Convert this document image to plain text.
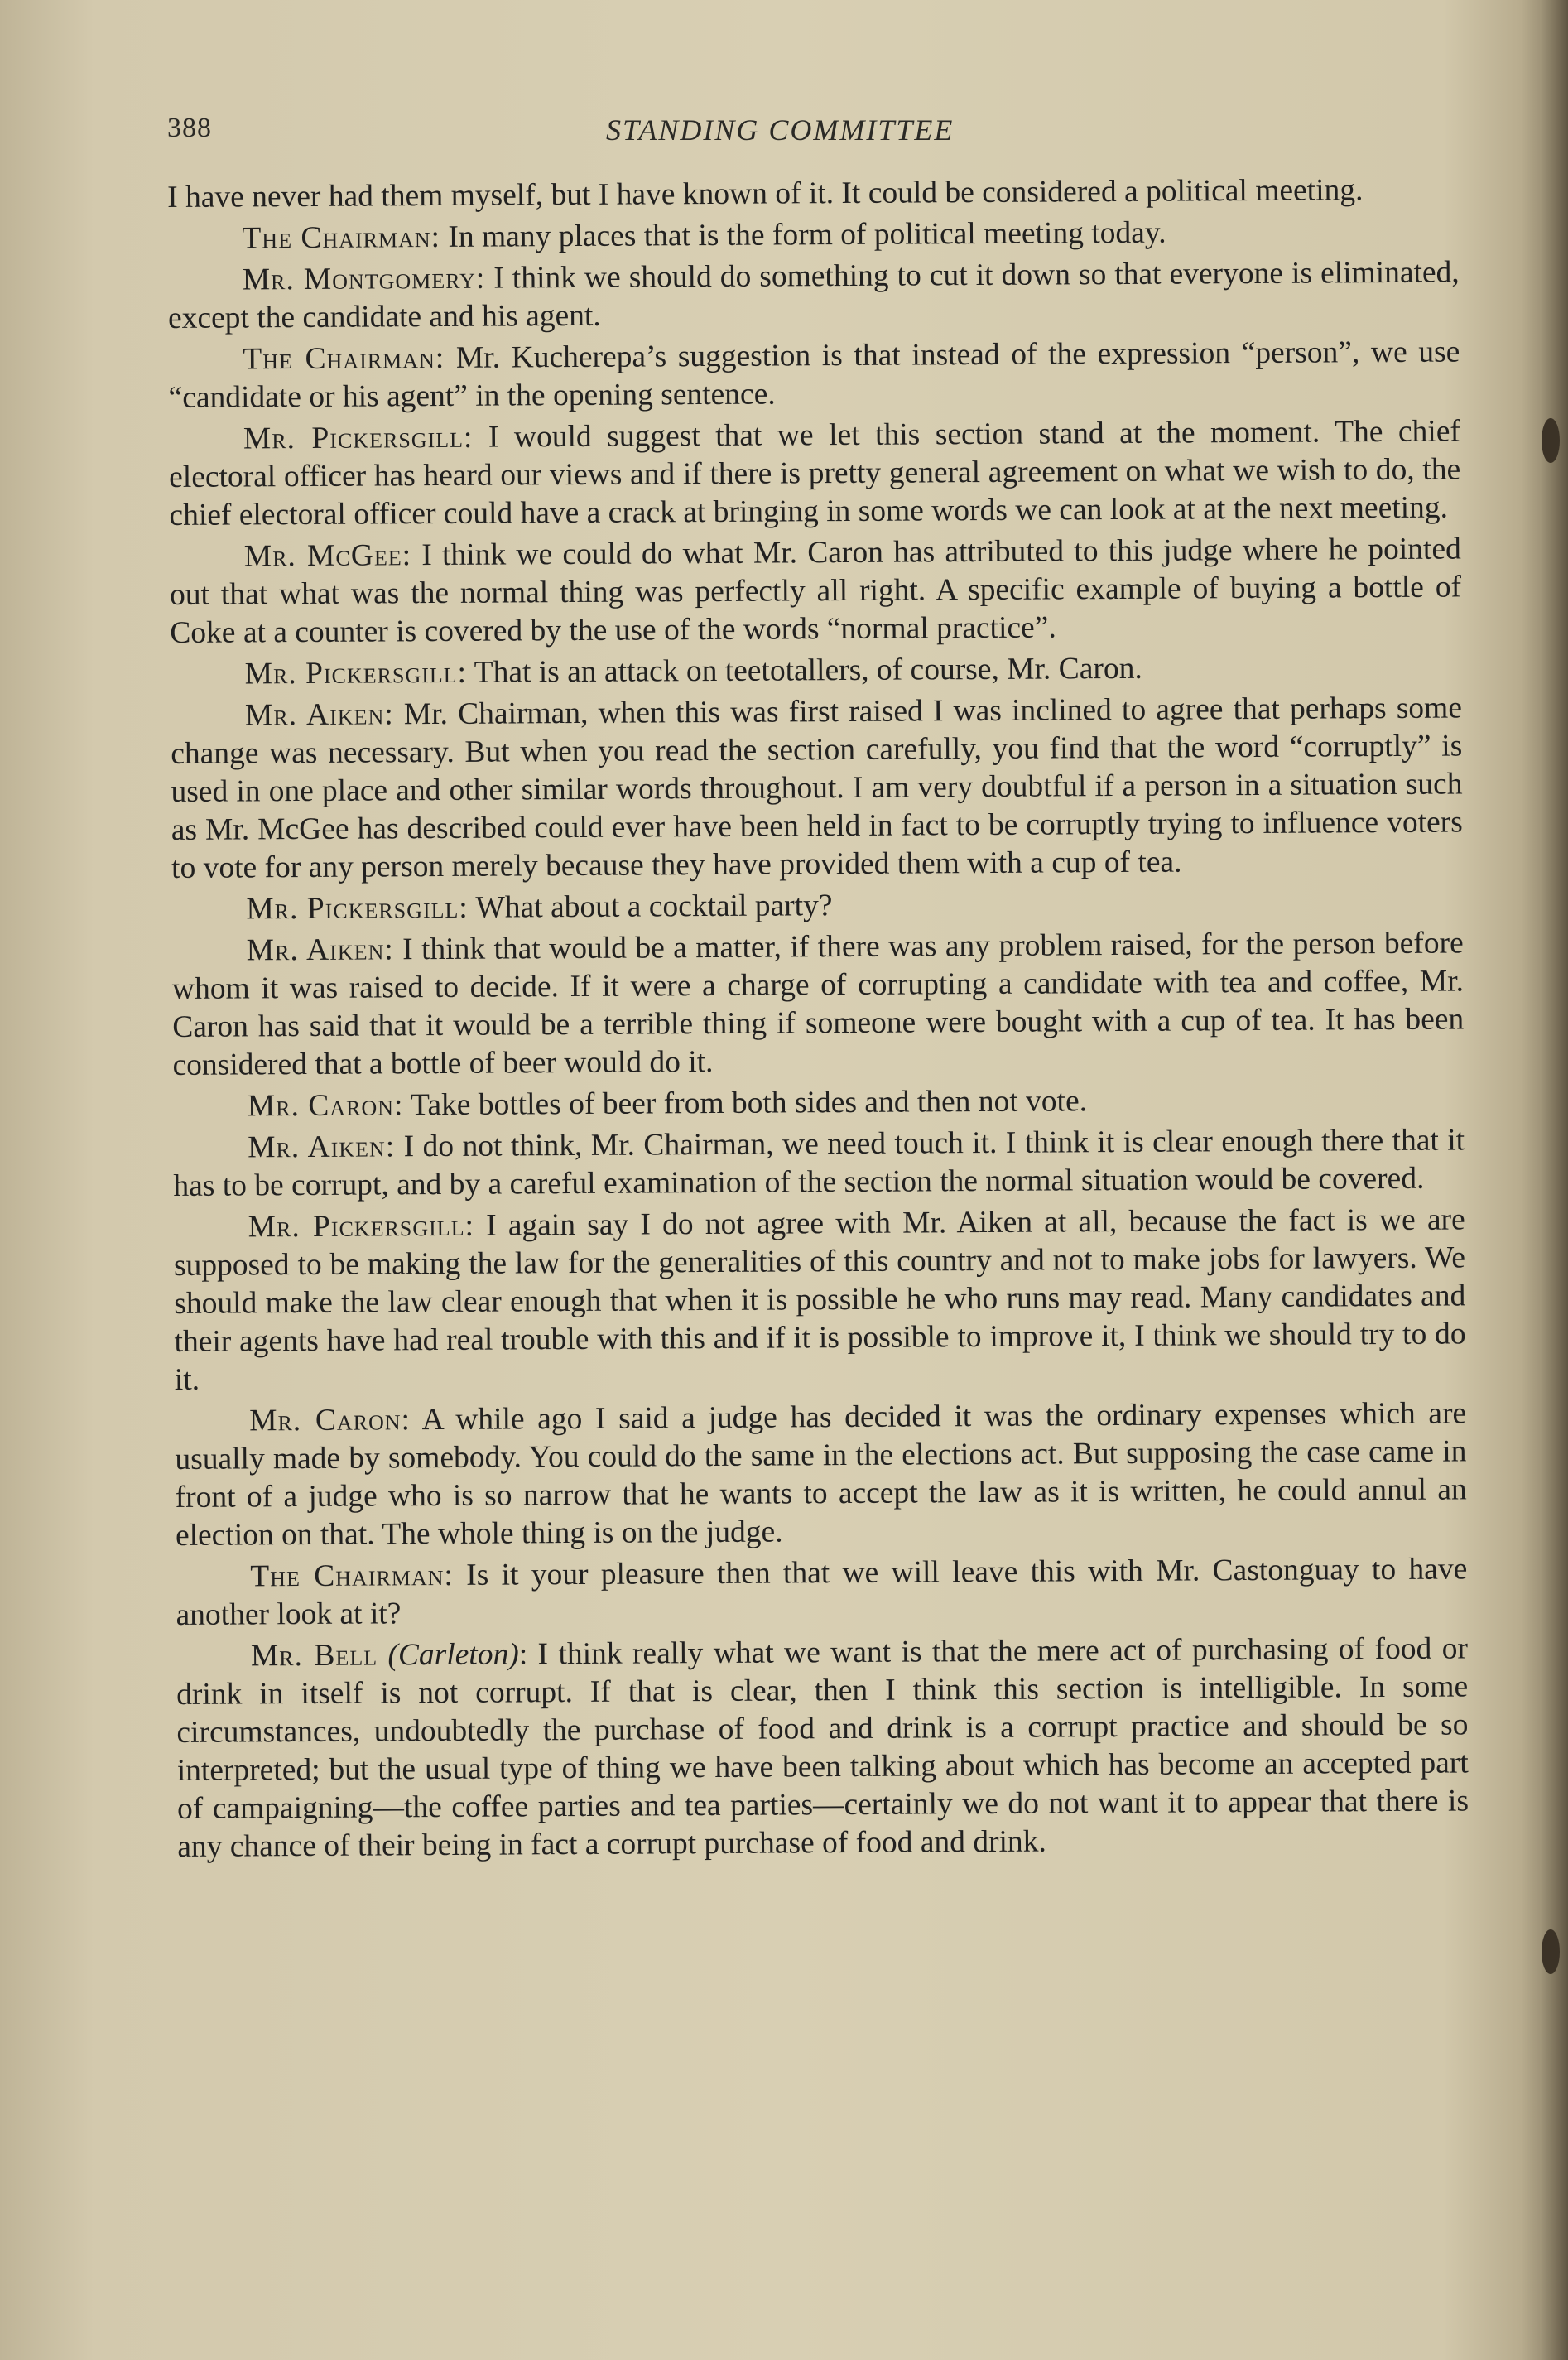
388	STANDING COMMITTEE

I have never had them myself, but I have known of it. It could be considered a political meeting.

The Chairman: In many places that is the form of political meeting today.

Mr. Montgomery: I think we should do something to cut it down so that everyone is eliminated, except the candidate and his agent.

The Chairman: Mr. Kucherepa’s suggestion is that instead of the expression “person”, we use “candidate or his agent” in the opening sentence.

Mr. Pickersgill: I would suggest that we let this section stand at the moment. The chief electoral officer has heard our views and if there is pretty general agreement on what we wish to do, the chief electoral officer could have a crack at bringing in some words we can look at at the next meeting.

Mr. McGee: I think we could do what Mr. Caron has attributed to this judge where he pointed out that what was the normal thing was perfectly all right. A specific example of buying a bottle of Coke at a counter is covered by the use of the words “normal practice”.

Mr. Pickersgill: That is an attack on teetotallers, of course, Mr. Caron.

Mr. Aiken: Mr. Chairman, when this was first raised I was inclined to agree that perhaps some change was necessary. But when you read the section carefully, you find that the word “corruptly” is used in one place and other similar words throughout. I am very doubtful if a person in a situation such as Mr. McGee has described could ever have been held in fact to be corruptly trying to influence voters to vote for any person merely because they have provided them with a cup of tea.

Mr. Pickersgill: What about a cocktail party?

Mr. Aiken: I think that would be a matter, if there was any problem raised, for the person before whom it was raised to decide. If it were a charge of corrupting a candidate with tea and coffee, Mr. Caron has said that it would be a terrible thing if someone were bought with a cup of tea. It has been considered that a bottle of beer would do it.

Mr. Caron: Take bottles of beer from both sides and then not vote.

Mr. Aiken: I do not think, Mr. Chairman, we need touch it. I think it is clear enough there that it has to be corrupt, and by a careful examination of the section the normal situation would be covered.

Mr. Pickersgill: I again say I do not agree with Mr. Aiken at all, because the fact is we are supposed to be making the law for the generalities of this country and not to make jobs for lawyers. We should make the law clear enough that when it is possible he who runs may read. Many candidates and their agents have had real trouble with this and if it is possible to improve it, I think we should try to do it.

Mr. Caron: A while ago I said a judge has decided it was the ordinary expenses which are usually made by somebody. You could do the same in the elections act. But supposing the case came in front of a judge who is so narrow that he wants to accept the law as it is written, he could annul an election on that. The whole thing is on the judge.

The Chairman: Is it your pleasure then that we will leave this with Mr. Castonguay to have another look at it?

Mr. Bell (Carleton): I think really what we want is that the mere act of purchasing of food or drink in itself is not corrupt. If that is clear, then I think this section is intelligible. In some circumstances, undoubtedly the purchase of food and drink is a corrupt practice and should be so interpreted; but the usual type of thing we have been talking about which has become an accepted part of campaigning—the coffee parties and tea parties—certainly we do not want it to appear that there is any chance of their being in fact a corrupt purchase of food and drink.
